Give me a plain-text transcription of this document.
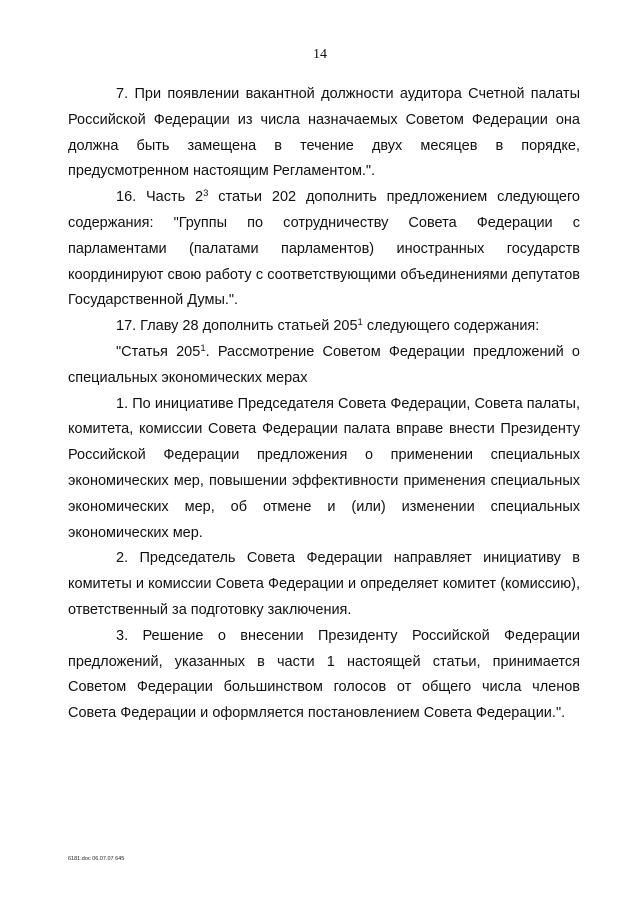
14

7. При появлении вакантной должности аудитора Счетной палаты Российской Федерации из числа назначаемых Советом Федерации она должна быть замещена в течение двух месяцев в порядке, предусмотренном настоящим Регламентом.".

16. Часть $2^3$ статьи 202 дополнить предложением следующего содержания: "Группы по сотрудничеству Совета Федерации с парламентами (палатами парламентов) иностранных государств координируют свою работу с соответствующими объединениями депутатов Государственной Думы.".

17. Главу 28 дополнить статьей $205^1$ следующего содержания:

"Статья $205^1$. Рассмотрение Советом Федерации предложений о специальных экономических мерах

1. По инициативе Председателя Совета Федерации, Совета палаты, комитета, комиссии Совета Федерации палата вправе внести Президенту Российской Федерации предложения о применении специальных экономических мер, повышении эффективности применения специальных экономических мер, об отмене и (или) изменении специальных экономических мер.

2. Председатель Совета Федерации направляет инициативу в комитеты и комиссии Совета Федерации и определяет комитет (комиссию), ответственный за подготовку заключения.

3. Решение о внесении Президенту Российской Федерации предложений, указанных в части 1 настоящей статьи, принимается Советом Федерации большинством голосов от общего числа членов Совета Федерации и оформляется постановлением Совета Федерации.".

6181.doc 06.07.07 645
